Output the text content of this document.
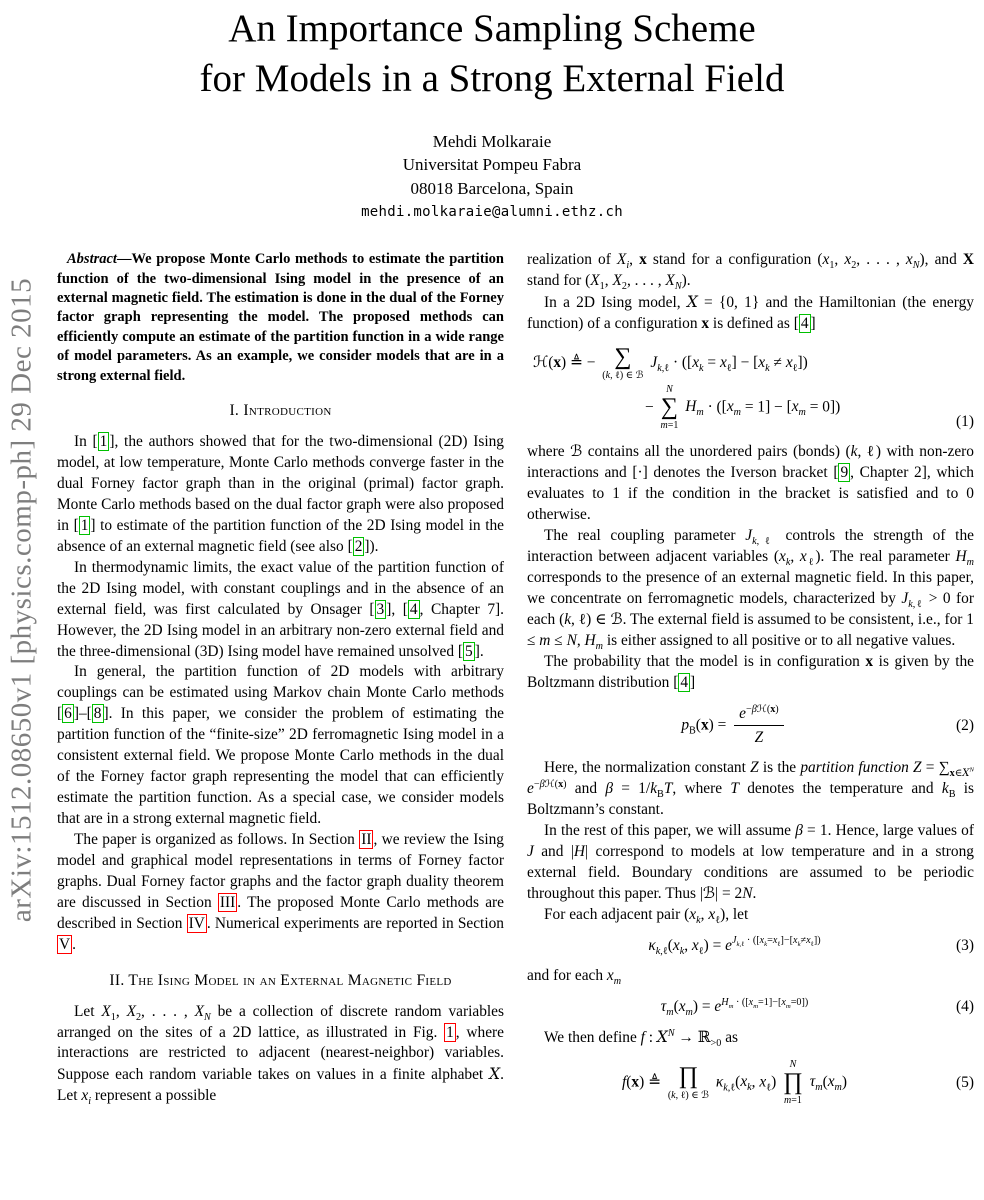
arXiv:1512.08650v1 [physics.comp-ph] 29 Dec 2015
An Importance Sampling Scheme
for Models in a Strong External Field
Mehdi Molkaraie
Universitat Pompeu Fabra
08018 Barcelona, Spain
mehdi.molkaraie@alumni.ethz.ch

Abstract—We propose Monte Carlo methods to estimate the partition function of the two-dimensional Ising model in the presence of an external magnetic field. The estimation is done in the dual of the Forney factor graph representing the model. The proposed methods can efficiently compute an estimate of the partition function in a wide range of model parameters. As an example, we consider models that are in a strong external field.

I. Introduction

In [ 1 ], the authors showed that for the two-dimensional (2D) Ising model, at low temperature, Monte Carlo methods converge faster in the dual Forney factor graph than in the original (primal) factor graph. Monte Carlo methods based on the dual factor graph were also proposed in [ 1 ] to estimate of the partition function of the 2D Ising model in the absence of an external magnetic field (see also [ 2 ]).

In thermodynamic limits, the exact value of the partition function of the 2D Ising model, with constant couplings and in the absence of an external field, was first calculated by Onsager [ 3 ], [ 4 , Chapter 7]. However, the 2D Ising model in an arbitrary non-zero external field and the three-dimensional (3D) Ising model have remained unsolved [ 5 ].

In general, the partition function of 2D models with arbitrary couplings can be estimated using Markov chain Monte Carlo methods [ 6 ]–[ 8 ]. In this paper, we consider the problem of estimating the partition function of the “finite-size” 2D ferromagnetic Ising model in a consistent external field. We propose Monte Carlo methods in the dual of the Forney factor graph representing the model that can efficiently estimate the partition function. As a special case, we consider models that are in a strong external magnetic field.

The paper is organized as follows. In Section II , we review the Ising model and graphical model representations in terms of Forney factor graphs. Dual Forney factor graphs and the factor graph duality theorem are discussed in Section III . The proposed Monte Carlo methods are described in Section IV . Numerical experiments are reported in Section V .

II. The Ising Model in an External Magnetic Field

Let $X_1$, $X_2$, . . . , $X_N$ be a collection of discrete random variables arranged on the sites of a 2D lattice, as illustrated in Fig. 1 , where interactions are restricted to adjacent (nearest-neighbor) variables. Suppose each random variable takes on values in a finite alphabet X. Let $x_i$ represent a possible

realization of $X_i$, x stand for a configuration ($x_1$, $x_2$, . . . , $x_N$), and X stand for ($X_1$, $X_2$, . . . , $X_N$).

In a 2D Ising model, X = {0, 1} and the Hamiltonian (the energy function) of a configuration x is defined as [ 4 ]

ℋ(x) ≜ − ∑
(k, ℓ) ∈ ℬ
$J_{k,\ell} \cdot ([x_k = x_\ell] - [x_k \ne x_\ell])$
−
N
∑
m=1
$H_m \cdot ([x_m = 1] - [x_m = 0])$
(1)

where ℬ contains all the unordered pairs (bonds) (k, ℓ) with non-zero interactions and [·] denotes the Iverson bracket [ 9 , Chapter 2], which evaluates to 1 if the condition in the bracket is satisfied and to 0 otherwise.

The real coupling parameter $J_{k,\ell}$ controls the strength of the interaction between adjacent variables ($x_k$, $x_\ell$). The real parameter $H_m$ corresponds to the presence of an external magnetic field. In this paper, we concentrate on ferromagnetic models, characterized by $J_{k,\ell} > 0$ for each (k, ℓ) ∈ ℬ. The external field is assumed to be consistent, i.e., for 1 ≤ m ≤ N, $H_m$ is either assigned to all positive or to all negative values.

The probability that the model is in configuration x is given by the Boltzmann distribution [ 4 ]

$p_B(x) = \frac{e^{-\beta ℋ(x)}}{Z}$	(2)

Here, the normalization constant Z is the partition function $Z = \sum_{x\in X^N}$ $e^{-\beta ℋ(x)}$ and $\beta = 1/k_BT$, where T denotes the temperature and $k_B$ is Boltzmann’s constant.

In the rest of this paper, we will assume β = 1. Hence, large values of J and |H| correspond to models at low temperature and in a strong external field. Boundary conditions are assumed to be periodic throughout this paper. Thus |ℬ| = 2N.

For each adjacent pair ($x_k$, $x_\ell$), let

$\kappa_{k,\ell}(x_k$, $x_\ell) = e^{J_{k,\ell} \cdot ([x_k=x_\ell]-[x_k\ne x_\ell])}$	(3)

and for each $x_m$

$\tau_m(x_m) = e^{H_m \cdot ([x_m=1]-[x_m=0])}$	(4)

We then define f : $X^N$ → ℝ$_{>0}$ as

f(x) ≜ ∏
(k, ℓ) ∈ ℬ
$\kappa_{k,\ell}(x_k$, $x_\ell$)
N
∏
m=1
$\tau_m(x_m)$	(5)
